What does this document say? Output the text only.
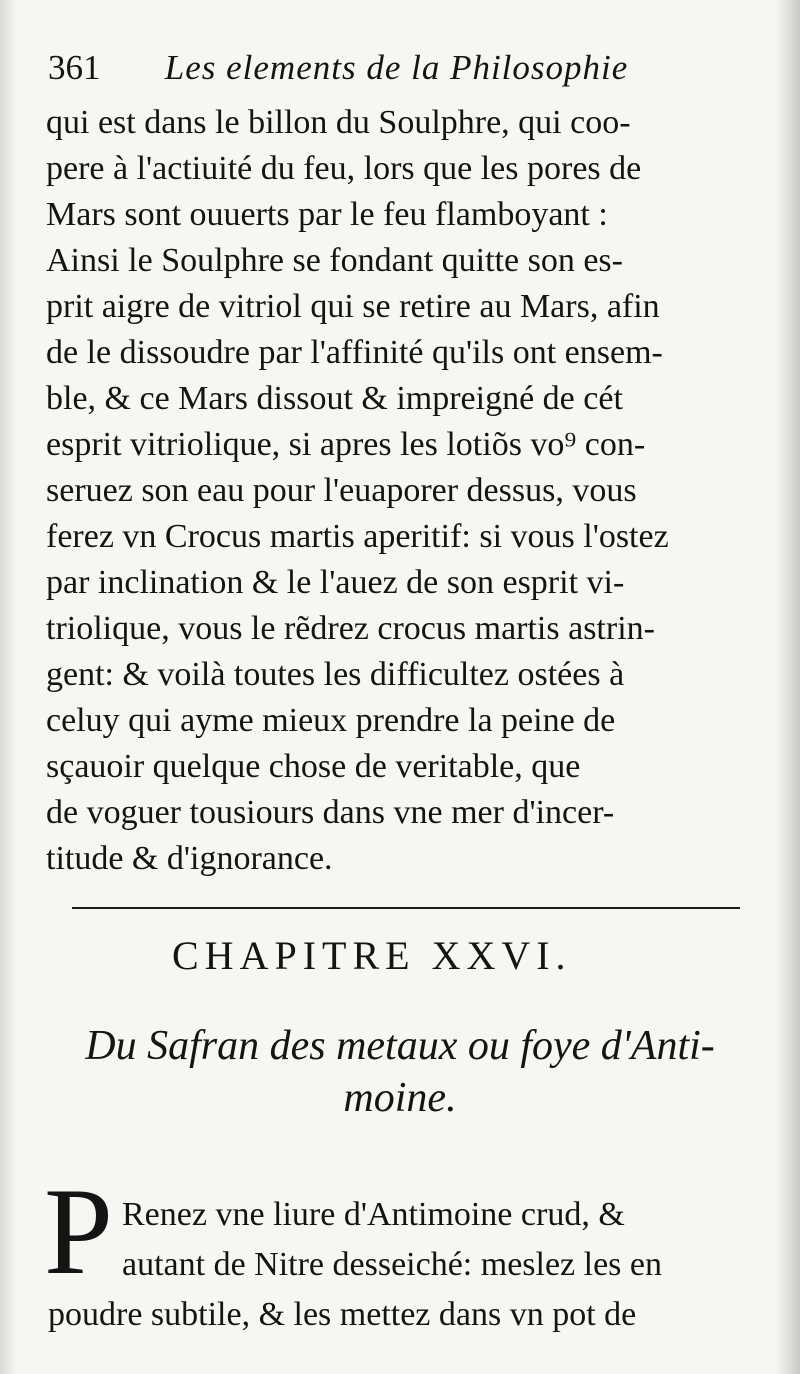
361 Les elements de la Philosophie
qui est dans le billon du Soulphre, qui coo-
pere à l'actiuité du feu, lors que les pores de
Mars sont ouuerts par le feu flamboyant :
Ainsi le Soulphre se fondant quitte son es-
prit aigre de vitriol qui se retire au Mars, afin
de le dissoudre par l'affinité qu'ils ont ensem-
ble, & ce Mars dissout & impreigné de cét
esprit vitriolique, si apres les lotiõs vo⁹ con-
seruez son eau pour l'euaporer dessus, vous
ferez vn Crocus martis aperitif: si vous l'ostez
par inclination & le l'auez de son esprit vi-
triolique, vous le rẽdrez crocus martis astrin-
gent: & voilà toutes les difficultez ostées à
celuy qui ayme mieux prendre la peine de
sçauoir quelque chose de veritable, que
de voguer tousiours dans vne mer d'incer-
titude & d'ignorance.
CHAPITRE XXVI.
Du Safran des metaux ou foye d'Anti-
moine.
P Renez vne liure d'Antimoine crud, &
autant de Nitre desseiché: meslez les en
poudre subtile, & les mettez dans vn pot de
